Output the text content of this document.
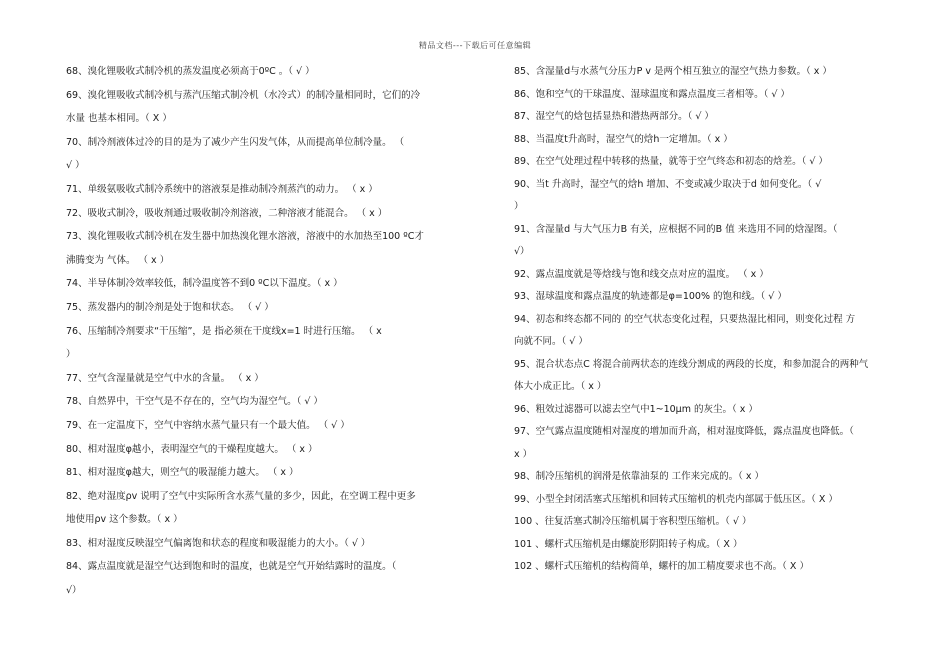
精品文档---下载后可任意编辑
68、溴化锂吸收式制冷机的蒸发温度必须高于0ºC 。（ √ ）
69、溴化锂吸收式制冷机与蒸汽压缩式制冷机（水冷式）的制冷量相同时，它们的冷
水量 也基本相同。（ X ）
70、制冷剂液体过冷的目的是为了减少产生闪发气体，从而提高单位制冷量。 （
√ ）
71、单级氨吸收式制冷系统中的溶液泵是推动制冷剂蒸汽的动力。 （ x ）
72、吸收式制冷，吸收剂通过吸收制冷剂溶液，二种溶液才能混合。 （ x ）
73、溴化锂吸收式制冷机在发生器中加热溴化锂水溶液，溶液中的水加热至100 ºC才
沸腾变为 气体。 （ x ）
74、半导体制冷效率较低，制冷温度答不到0 ºC以下温度。（ x ）
75、蒸发器内的制冷剂是处于饱和状态。 （ √ ）
76、压缩制冷剂要求“干压缩”，是 指必须在干度线x=1 时进行压缩。 （ x
）
77、空气含湿量就是空气中水的含量。 （ x ）
78、自然界中，干空气是不存在的，空气均为湿空气。（ √ ）
79、在一定温度下，空气中容纳水蒸气量只有一个最大值。 （ √ ）
80、相对湿度φ越小，表明湿空气的干燥程度越大。 （ x ）
81、相对湿度φ越大，则空气的吸湿能力越大。 （ x ）
82、绝对湿度ρv 说明了空气中实际所含水蒸气量的多少，因此，在空调工程中更多
地使用ρv 这个参数。（ x ）
83、相对湿度反映湿空气偏离饱和状态的程度和吸湿能力的大小。（ √ ）
84、露点温度就是湿空气达到饱和时的温度，也就是空气开始结露时的温度。（
√）
85、含湿量d与水蒸气分压力P v 是两个相互独立的湿空气热力参数。（ x ）
86、饱和空气的干球温度、湿球温度和露点温度三者相等。（ √ ）
87、湿空气的焓包括显热和潜热两部分。（ √ ）
88、当温度t升高时，湿空气的焓h一定增加。（ x ）
89、在空气处理过程中转移的热量，就等于空气终态和初态的焓差。（ √ ）
90、当t 升高时，湿空气的焓h 增加、不变或减少取决于d 如何变化。（ √
）
91、含湿量d 与大气压力B 有关，应根据不同的B 值 来选用不同的焓湿图。（
√）
92、露点温度就是等焓线与饱和线交点对应的温度。 （ x ）
93、湿球温度和露点温度的轨迹都是φ=100% 的饱和线。（ √ ）
94、初态和终态都不同的 的空气状态变化过程，只要热湿比相同，则变化过程 方
向就不同。（ √ ）
95、混合状态点C 将混合前两状态的连线分割成的两段的长度，和参加混合的两种气
体大小成正比。（ x ）
96、粗效过滤器可以滤去空气中1~10μm 的灰尘。（ x ）
97、空气露点温度随相对湿度的增加而升高，相对湿度降低，露点温度也降低。（
x ）
98、制冷压缩机的润滑是依靠油泵的 工作来完成的。（ x ）
99、小型全封闭活塞式压缩机和回转式压缩机的机壳内部属于低压区。（ X ）
100 、往复活塞式制冷压缩机属于容积型压缩机。（ √ ）
101 、螺杆式压缩机是由螺旋形阴阳转子构成。（ X ）
102 、螺杆式压缩机的结构简单，螺杆的加工精度要求也不高。（ X ）
